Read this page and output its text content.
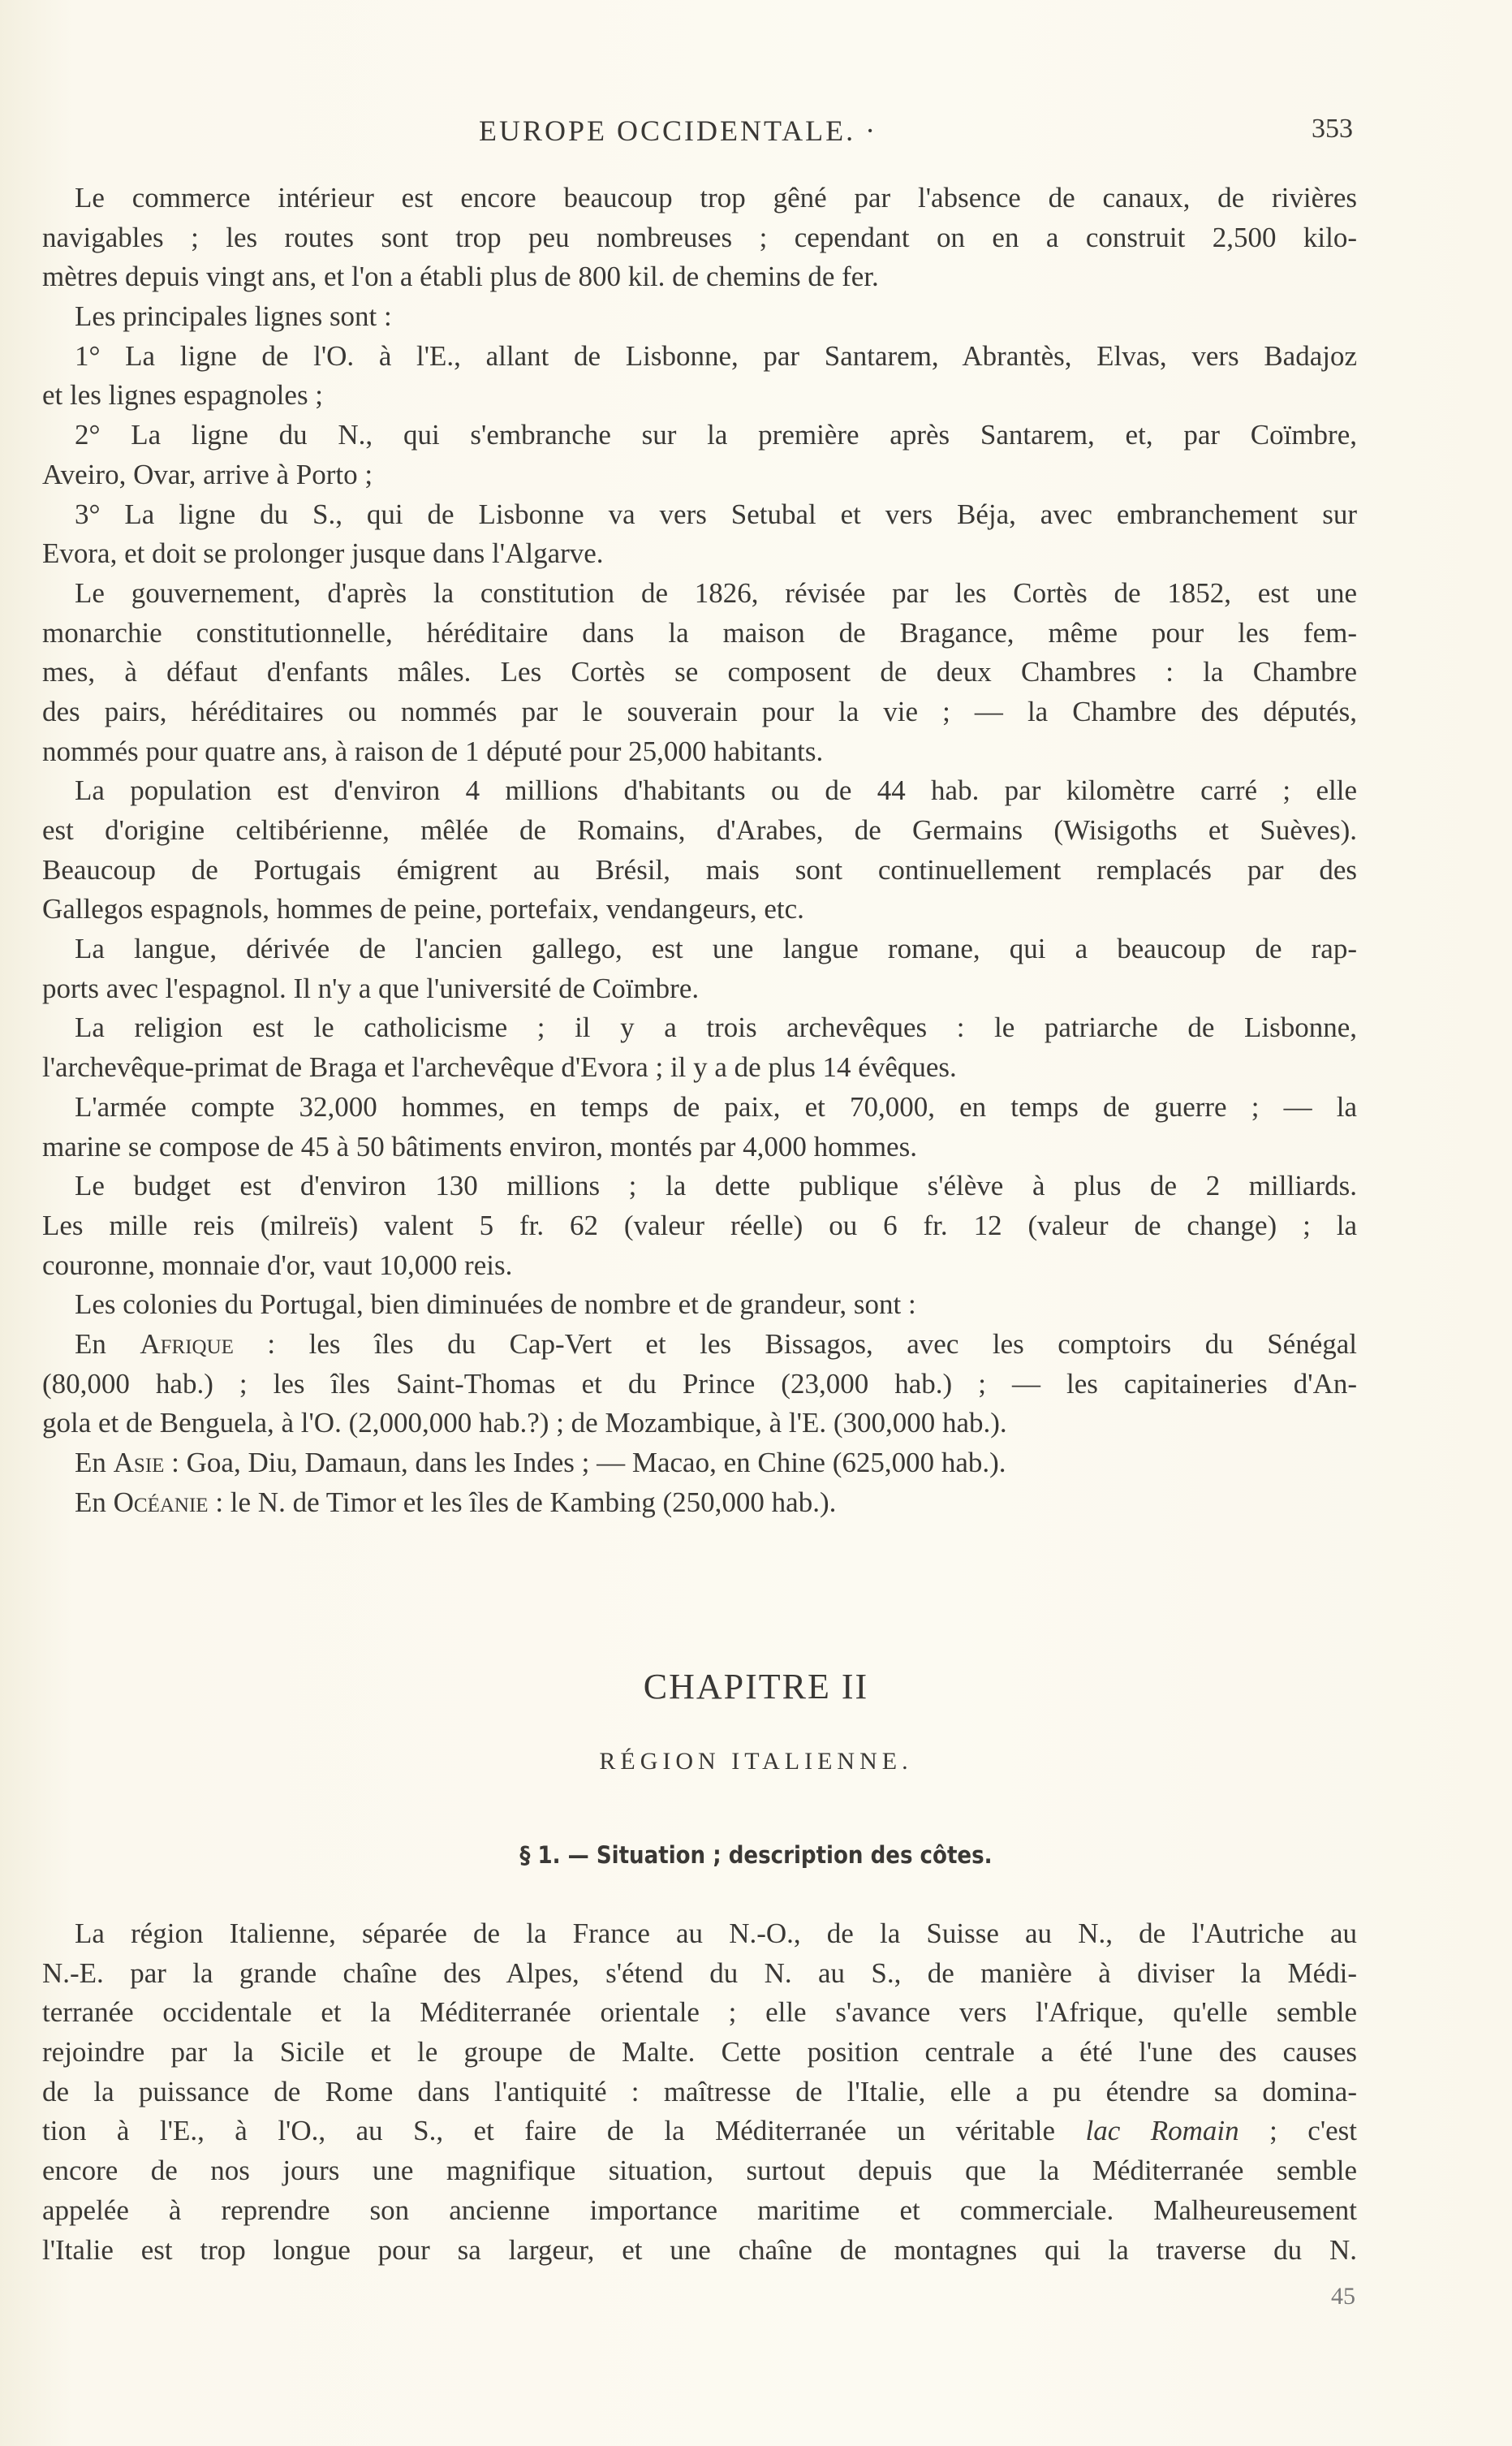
EUROPE OCCIDENTALE. ·	353
Le commerce intérieur est encore beaucoup trop gêné par l'absence de canaux, de rivières
navigables ; les routes sont trop peu nombreuses ; cependant on en a construit 2,500 kilo-
mètres depuis vingt ans, et l'on a établi plus de 800 kil. de chemins de fer.
Les principales lignes sont :
1° La ligne de l'O. à l'E., allant de Lisbonne, par Santarem, Abrantès, Elvas, vers Badajoz
et les lignes espagnoles ;
2° La ligne du N., qui s'embranche sur la première après Santarem, et, par Coïmbre,
Aveiro, Ovar, arrive à Porto ;
3° La ligne du S., qui de Lisbonne va vers Setubal et vers Béja, avec embranchement sur
Evora, et doit se prolonger jusque dans l'Algarve.
Le gouvernement, d'après la constitution de 1826, révisée par les Cortès de 1852, est une
monarchie constitutionnelle, héréditaire dans la maison de Bragance, même pour les fem-
mes, à défaut d'enfants mâles. Les Cortès se composent de deux Chambres : la Chambre
des pairs, héréditaires ou nommés par le souverain pour la vie ; — la Chambre des députés,
nommés pour quatre ans, à raison de 1 député pour 25,000 habitants.
La population est d'environ 4 millions d'habitants ou de 44 hab. par kilomètre carré ; elle
est d'origine celtibérienne, mêlée de Romains, d'Arabes, de Germains (Wisigoths et Suèves).
Beaucoup de Portugais émigrent au Brésil, mais sont continuellement remplacés par des
Gallegos espagnols, hommes de peine, portefaix, vendangeurs, etc.
La langue, dérivée de l'ancien gallego, est une langue romane, qui a beaucoup de rap-
ports avec l'espagnol. Il n'y a que l'université de Coïmbre.
La religion est le catholicisme ; il y a trois archevêques : le patriarche de Lisbonne,
l'archevêque-primat de Braga et l'archevêque d'Evora ; il y a de plus 14 évêques.
L'armée compte 32,000 hommes, en temps de paix, et 70,000, en temps de guerre ; — la
marine se compose de 45 à 50 bâtiments environ, montés par 4,000 hommes.
Le budget est d'environ 130 millions ; la dette publique s'élève à plus de 2 milliards.
Les mille reis (milreïs) valent 5 fr. 62 (valeur réelle) ou 6 fr. 12 (valeur de change) ; la
couronne, monnaie d'or, vaut 10,000 reis.
Les colonies du Portugal, bien diminuées de nombre et de grandeur, sont :
En Afrique : les îles du Cap-Vert et les Bissagos, avec les comptoirs du Sénégal
(80,000 hab.) ; les îles Saint-Thomas et du Prince (23,000 hab.) ; — les capitaineries d'An-
gola et de Benguela, à l'O. (2,000,000 hab.?) ; de Mozambique, à l'E. (300,000 hab.).
En Asie : Goa, Diu, Damaun, dans les Indes ; — Macao, en Chine (625,000 hab.).
En Océanie : le N. de Timor et les îles de Kambing (250,000 hab.).
CHAPITRE II
RÉGION ITALIENNE.
§ 1. — Situation ; description des côtes.
La région Italienne, séparée de la France au N.-O., de la Suisse au N., de l'Autriche au
N.-E. par la grande chaîne des Alpes, s'étend du N. au S., de manière à diviser la Médi-
terranée occidentale et la Méditerranée orientale ; elle s'avance vers l'Afrique, qu'elle semble
rejoindre par la Sicile et le groupe de Malte. Cette position centrale a été l'une des causes
de la puissance de Rome dans l'antiquité : maîtresse de l'Italie, elle a pu étendre sa domina-
tion à l'E., à l'O., au S., et faire de la Méditerranée un véritable lac Romain ; c'est
encore de nos jours une magnifique situation, surtout depuis que la Méditerranée semble
appelée à reprendre son ancienne importance maritime et commerciale. Malheureusement
l'Italie est trop longue pour sa largeur, et une chaîne de montagnes qui la traverse du N.
45
